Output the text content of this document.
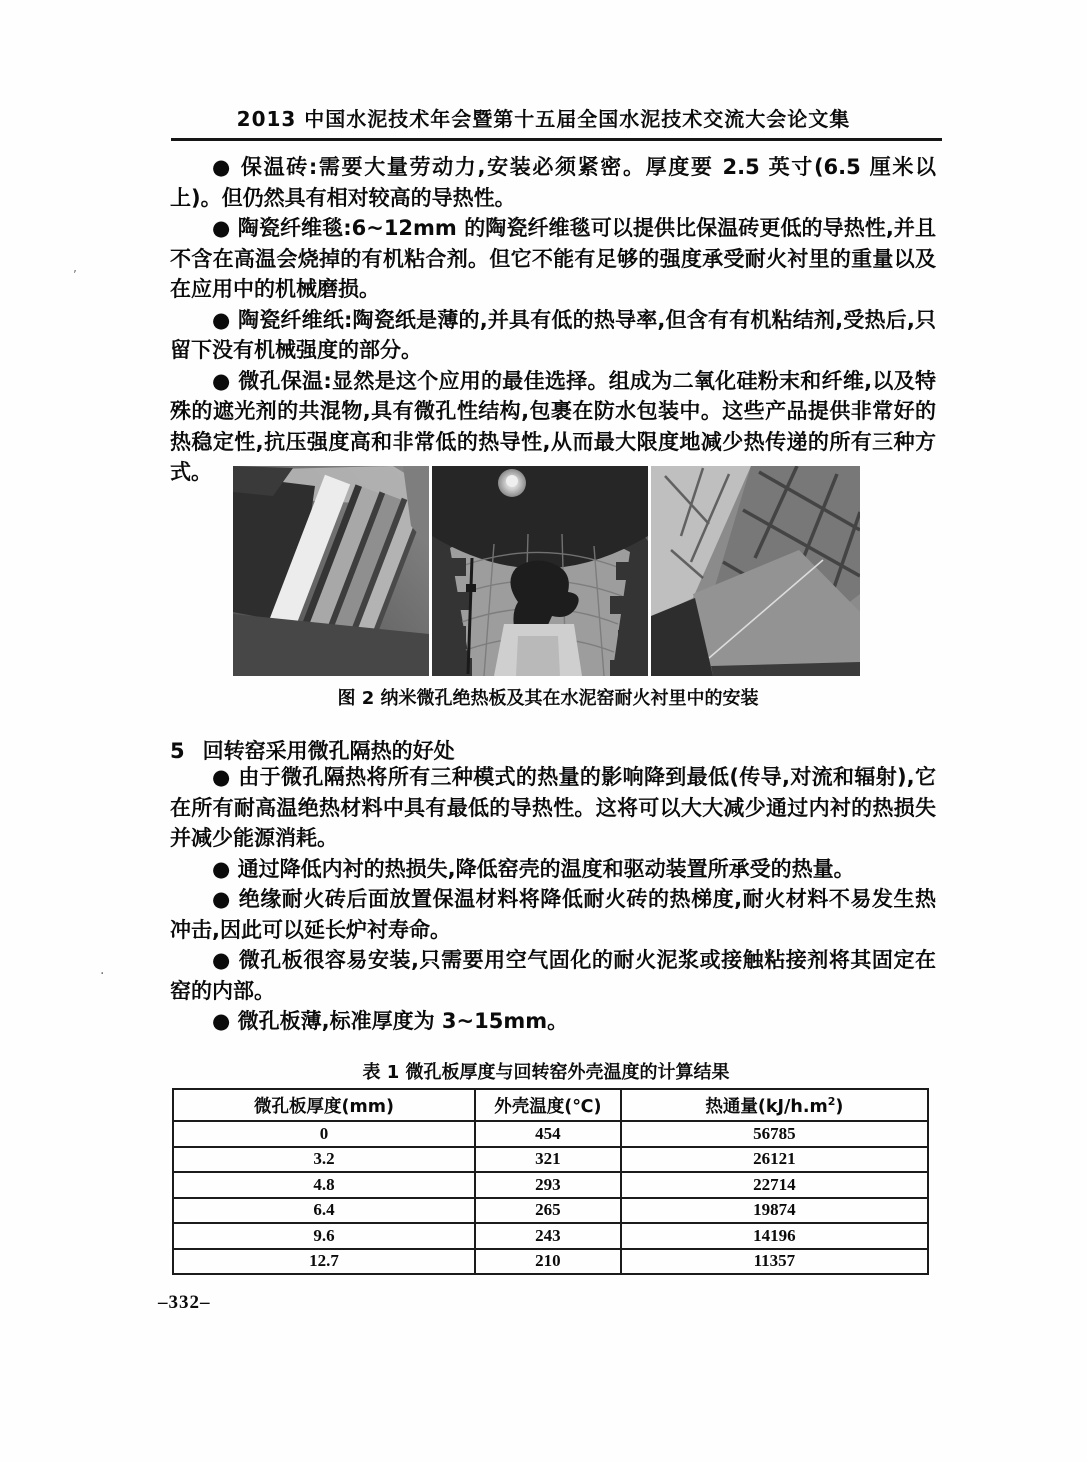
2013 中国水泥技术年会暨第十五届全国水泥技术交流大会论文集

● 保温砖:需要大量劳动力,安装必须紧密。厚度要 2.5 英寸(6.5 厘米以上)。但仍然具有相对较高的导热性。

● 陶瓷纤维毯:6~12mm 的陶瓷纤维毯可以提供比保温砖更低的导热性,并且不含在高温会烧掉的有机粘合剂。但它不能有足够的强度承受耐火衬里的重量以及在应用中的机械磨损。

● 陶瓷纤维纸:陶瓷纸是薄的,并具有低的热导率,但含有有机粘结剂,受热后,只留下没有机械强度的部分。

● 微孔保温:显然是这个应用的最佳选择。组成为二氧化硅粉末和纤维,以及特殊的遮光剂的共混物,具有微孔性结构,包裹在防水包装中。这些产品提供非常好的热稳定性,抗压强度高和非常低的热导性,从而最大限度地减少热传递的所有三种方式。

图 2 纳米微孔绝热板及其在水泥窑耐火衬里中的安装
5 回转窑采用微孔隔热的好处

● 由于微孔隔热将所有三种模式的热量的影响降到最低(传导,对流和辐射),它在所有耐高温绝热材料中具有最低的导热性。这将可以大大减少通过内衬的热损失并减少能源消耗。

● 通过降低内衬的热损失,降低窑壳的温度和驱动装置所承受的热量。

● 绝缘耐火砖后面放置保温材料将降低耐火砖的热梯度,耐火材料不易发生热冲击,因此可以延长炉衬寿命。

● 微孔板很容易安装,只需要用空气固化的耐火泥浆或接触粘接剂将其固定在窑的内部。

● 微孔板薄,标准厚度为 3~15mm。

表 1 微孔板厚度与回转窑外壳温度的计算结果
微孔板厚度(mm)	外壳温度(℃)	热通量$(kJ/h.m^2)$
0	454	56785
3.2	321	26121
4.8	293	22714
6.4	265	19874
9.6	243	14196
12.7	210	11357
–332–
’
·
